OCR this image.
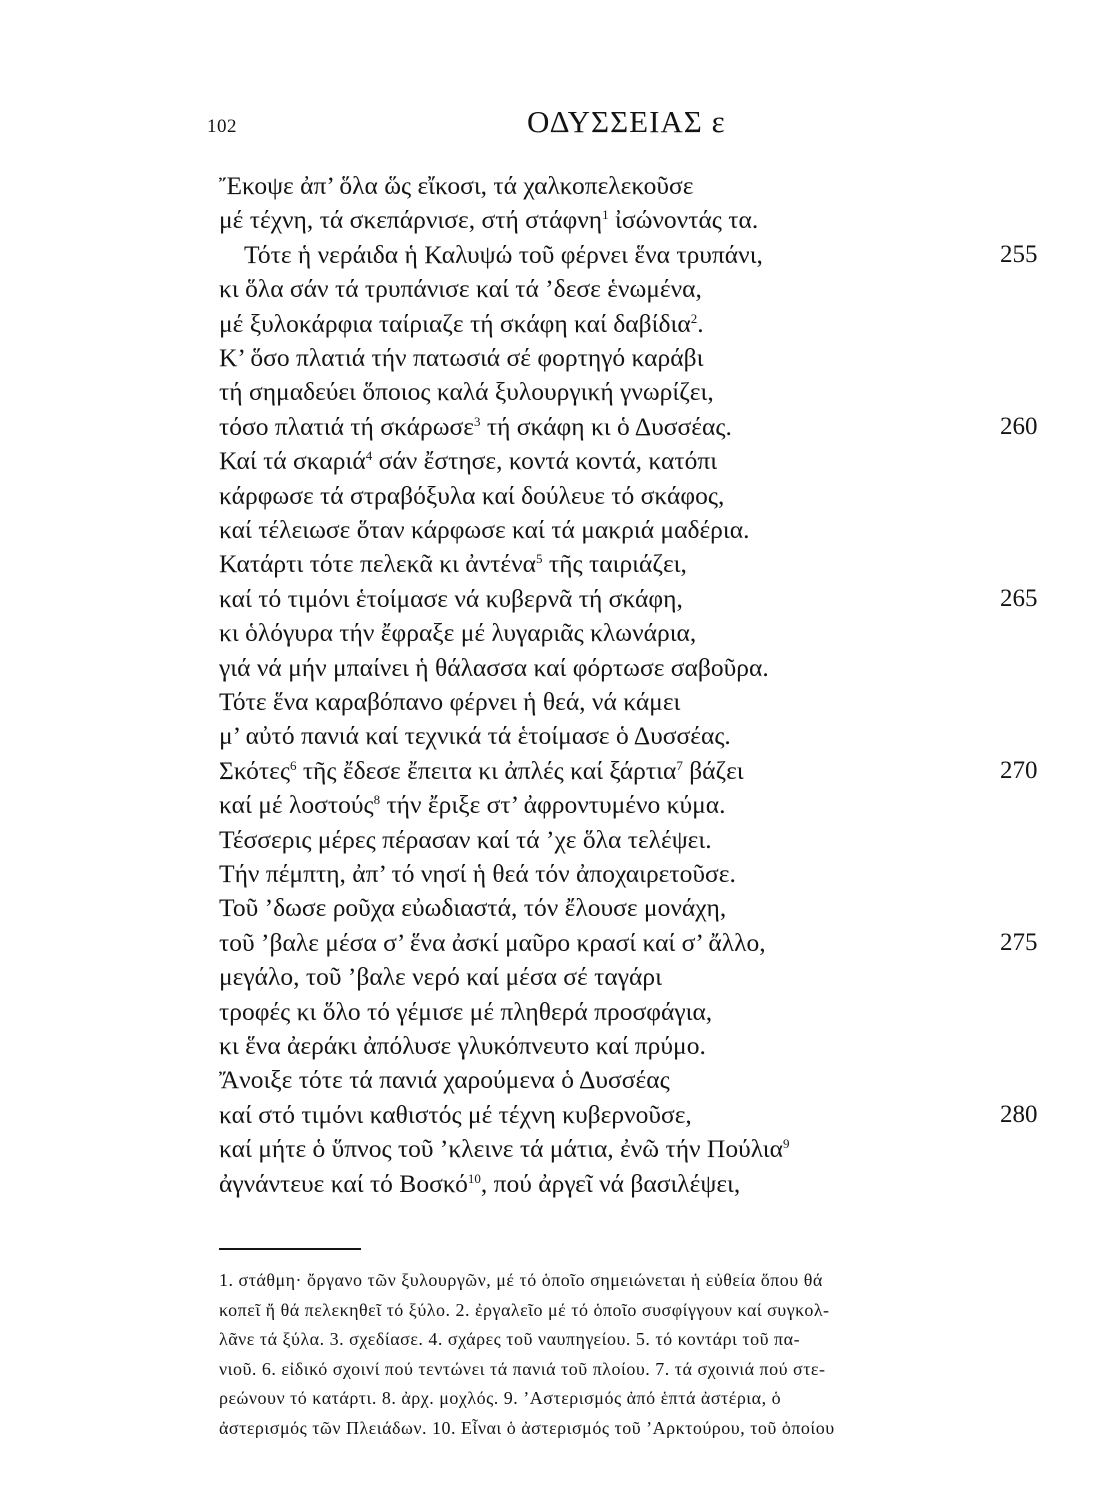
102	ΟΔΥΣΣΕΙΑΣ ε
Ἔκοψε ἀπ’ ὅλα ὥς εἴκοσι, τά χαλκοπελεκοῦσε
μέ τέχνη, τά σκεπάρνισε, στή στάφνη$^1$ ἰσώνοντάς τα.
Τότε ἡ νεράιδα ἡ Καλυψώ τοῦ φέρνει ἕνα τρυπάνι,	255
κι ὅλα σάν τά τρυπάνισε καί τά ’δεσε ἑνωμένα,
μέ ξυλοκάρφια ταίριαζε τή σκάφη καί δαβίδια$^2$.
Κ’ ὅσο πλατιά τήν πατωσιά σέ φορτηγό καράβι
τή σημαδεύει ὅποιος καλά ξυλουργική γνωρίζει,
τόσο πλατιά τή σκάρωσε$^3$ τή σκάφη κι ὁ Δυσσέας.	260
Καί τά σκαριά$^4$ σάν ἔστησε, κοντά κοντά, κατόπι
κάρφωσε τά στραβόξυλα καί δούλευε τό σκάφος,
καί τέλειωσε ὅταν κάρφωσε καί τά μακριά μαδέρια.
Κατάρτι τότε πελεκᾶ κι ἀντένα$^5$ τῆς ταιριάζει,
καί τό τιμόνι ἑτοίμασε νά κυβερνᾶ τή σκάφη,	265
κι ὁλόγυρα τήν ἔφραξε μέ λυγαριᾶς κλωνάρια,
γιά νά μήν μπαίνει ἡ θάλασσα καί φόρτωσε σαβοῦρα.
Τότε ἕνα καραβόπανο φέρνει ἡ θεά, νά κάμει
μ’ αὐτό πανιά καί τεχνικά τά ἑτοίμασε ὁ Δυσσέας.
Σκότες$^6$ τῆς ἔδεσε ἔπειτα κι ἀπλές καί ξάρτια$^7$ βάζει	270
καί μέ λοστούς$^8$ τήν ἔριξε στ’ ἀφροντυμένο κύμα.
Τέσσερις μέρες πέρασαν καί τά ’χε ὅλα τελέψει.
Τήν πέμπτη, ἀπ’ τό νησί ἡ θεά τόν ἀποχαιρετοῦσε.
Τοῦ ’δωσε ροῦχα εὐωδιαστά, τόν ἔλουσε μονάχη,
τοῦ ’βαλε μέσα σ’ ἕνα ἀσκί μαῦρο κρασί καί σ’ ἄλλο,	275
μεγάλο, τοῦ ’βαλε νερό καί μέσα σέ ταγάρι
τροφές κι ὅλο τό γέμισε μέ πληθερά προσφάγια,
κι ἕνα ἀεράκι ἀπόλυσε γλυκόπνευτο καί πρύμο.
Ἄνοιξε τότε τά πανιά χαρούμενα ὁ Δυσσέας
καί στό τιμόνι καθιστός μέ τέχνη κυβερνοῦσε,	280
καί μήτε ὁ ὕπνος τοῦ ’κλεινε τά μάτια, ἐνῶ τήν Πούλια$^9$
ἀγνάντευε καί τό Βοσκό$^{10}$, πού ἀργεῖ νά βασιλέψει,
1. στάθμη· ὄργανο τῶν ξυλουργῶν, μέ τό ὁποῖο σημειώνεται ἡ εὐθεία ὅπου θά
κοπεῖ ἤ θά πελεκηθεῖ τό ξύλο. 2. ἐργαλεῖο μέ τό ὁποῖο συσφίγγουν καί συγκολ-
λᾶνε τά ξύλα. 3. σχεδίασε. 4. σχάρες τοῦ ναυπηγείου. 5. τό κοντάρι τοῦ πα-
νιοῦ. 6. εἰδικό σχοινί πού τεντώνει τά πανιά τοῦ πλοίου. 7. τά σχοινιά πού στε-
ρεώνουν τό κατάρτι. 8. ἀρχ. μοχλός. 9. ’Αστερισμός ἀπό ἑπτά ἀστέρια, ὁ
ἀστερισμός τῶν Πλειάδων. 10. Εἶναι ὁ ἀστερισμός τοῦ ’Αρκτούρου, τοῦ ὁποίου
